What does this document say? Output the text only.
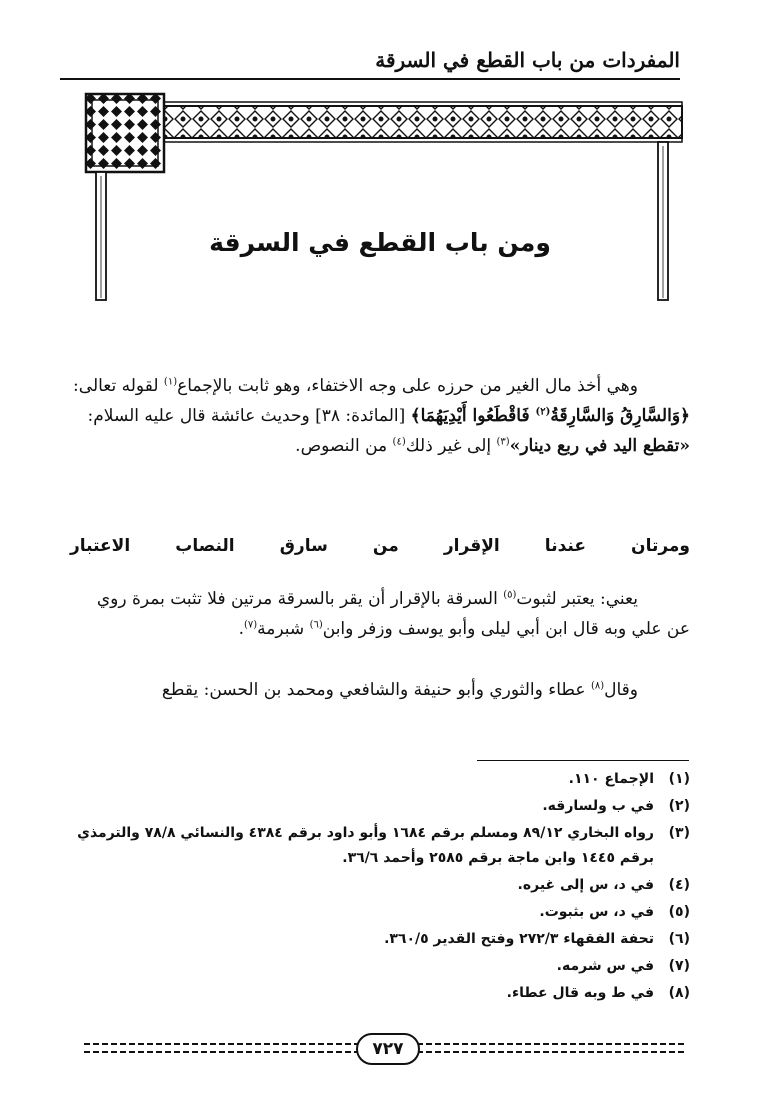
المفردات من باب القطع في السرقة
ومن باب القطع في السرقة
وهي أخذ مال الغير من حرزه على وجه الاختفاء، وهو ثابت بالإجماع$^{(١)}$ لقوله تعالى: ﴿وَالسَّارِقُ وَالسَّارِقَةُ$^{(٢)}$ فَاقْطَعُوا أَيْدِيَهُمَا﴾ [المائدة: ٣٨] وحديث عائشة قال عليه السلام: «تقطع اليد في ربع دينار»$^{(٣)}$ إلى غير ذلك$^{(٤)}$ من النصوص.
ومرتان عندنا الإقرار من سارق النصاب الاعتبار
يعني: يعتبر لثبوت$^{(٥)}$ السرقة بالإقرار أن يقر بالسرقة مرتين فلا تثبت بمرة روي عن علي وبه قال ابن أبي ليلى وأبو يوسف وزفر وابن$^{(٦)}$ شبرمة$^{(٧)}$.
وقال$^{(٨)}$ عطاء والثوري وأبو حنيفة والشافعي ومحمد بن الحسن: يقطع
(١)
الإجماع ١١٠.
(٢)
في ب ولسارقه.
(٣)
رواه البخاري ٨٩/١٢ ومسلم برقم ١٦٨٤ وأبو داود برقم ٤٣٨٤ والنسائي ٧٨/٨ والترمذي برقم ١٤٤٥ وابن ماجة برقم ٢٥٨٥ وأحمد ٣٦/٦.
(٤)
في د، س إلى غيره.
(٥)
في د، س بثبوت.
(٦)
تحفة الفقهاء ٢٧٢/٣ وفتح القدير ٣٦٠/٥.
(٧)
في س شرمه.
(٨)
في ط وبه قال عطاء.
٧٢٧
